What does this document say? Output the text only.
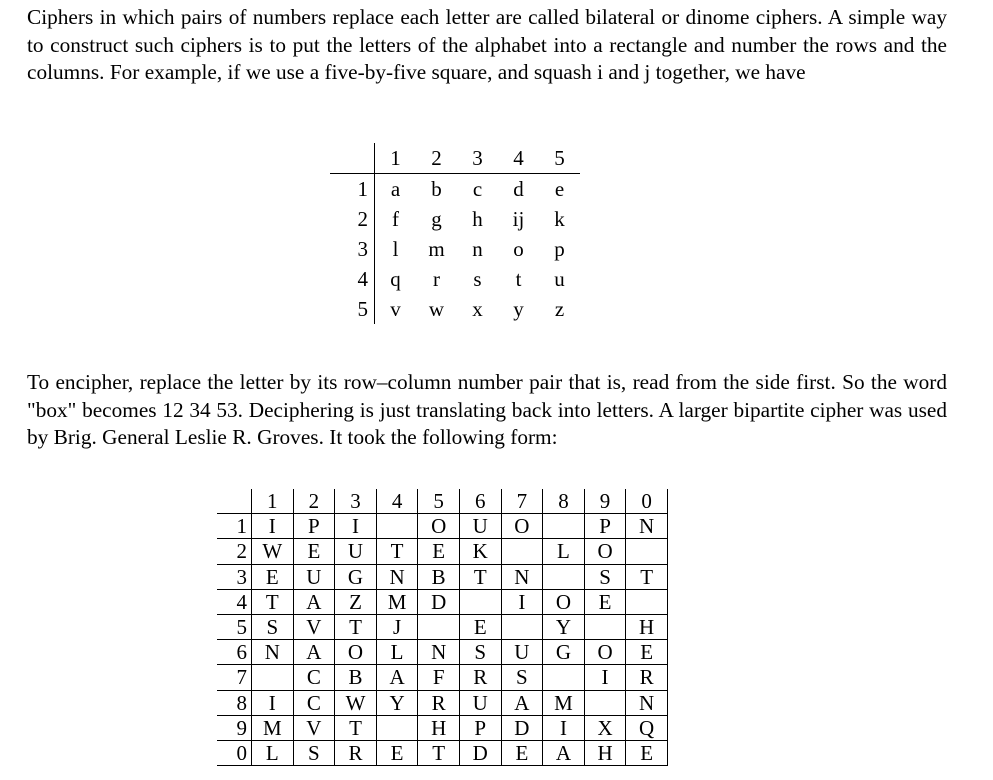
Ciphers in which pairs of numbers replace each letter are called bilateral or dinome ciphers. A simple way to construct such ciphers is to put the letters of the alphabet into a rectangle and number the rows and the columns. For example, if we use a five-by-five square, and squash i and j together, we have

	1	2	3	4	5
1	a	b	c	d	e
2	f	g	h	ij	k
3	l	m	n	o	p
4	q	r	s	t	u
5	v	w	x	y	z

To encipher, replace the letter by its row–column number pair that is, read from the side first. So the word "box" becomes 12 34 53. Deciphering is just translating back into letters. A larger bipartite cipher was used by Brig. General Leslie R. Groves. It took the following form:

	1	2	3	4	5	6	7	8	9	0
1	I	P	I		O	U	O		P	N
2	W	E	U	T	E	K		L	O	
3	E	U	G	N	B	T	N		S	T
4	T	A	Z	M	D		I	O	E	
5	S	V	T	J		E		Y		H
6	N	A	O	L	N	S	U	G	O	E
7		C	B	A	F	R	S		I	R
8	I	C	W	Y	R	U	A	M		N
9	M	V	T		H	P	D	I	X	Q
0	L	S	R	E	T	D	E	A	H	E
